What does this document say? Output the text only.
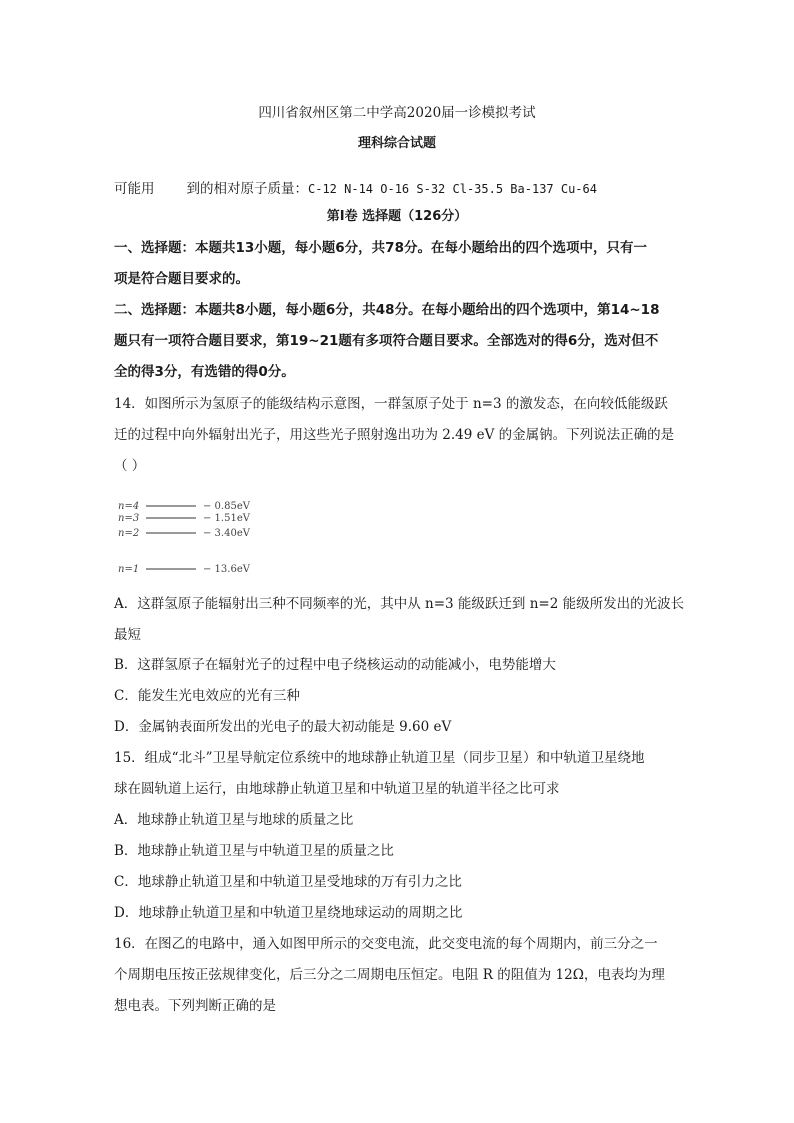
四川省叙州区第二中学高2020届一诊模拟考试
理科综合试题
可能用 到的相对原子质量：C-12 N-14 O-16 S-32 Cl-35.5 Ba-137 Cu-64
第Ⅰ卷 选择题（126分）
一、选择题：本题共13小题，每小题6分，共78分。在每小题给出的四个选项中，只有一
项是符合题目要求的。
二、选择题：本题共8小题，每小题6分，共48分。在每小题给出的四个选项中，第14~18
题只有一项符合题目要求，第19~21题有多项符合题目要求。全部选对的得6分，选对但不
全的得3分，有选错的得0分。
14．如图所示为氢原子的能级结构示意图，一群氢原子处于 n=3 的激发态，在向较低能级跃
迁的过程中向外辐射出光子，用这些光子照射逸出功为 2.49 eV 的金属钠。下列说法正确的是
（ ）
n=4	− 0.85eV
n=3	− 1.51eV
n=2	− 3.40eV
n=1	− 13.6eV
A．这群氢原子能辐射出三种不同频率的光，其中从 n=3 能级跃迁到 n=2 能级所发出的光波长
最短
B．这群氢原子在辐射光子的过程中电子绕核运动的动能减小，电势能增大
C．能发生光电效应的光有三种
D．金属钠表面所发出的光电子的最大初动能是 9.60 eV
15．组成“北斗”卫星导航定位系统中的地球静止轨道卫星（同步卫星）和中轨道卫星绕地
球在圆轨道上运行，由地球静止轨道卫星和中轨道卫星的轨道半径之比可求
A．地球静止轨道卫星与地球的质量之比
B．地球静止轨道卫星与中轨道卫星的质量之比
C．地球静止轨道卫星和中轨道卫星受地球的万有引力之比
D．地球静止轨道卫星和中轨道卫星绕地球运动的周期之比
16．在图乙的电路中，通入如图甲所示的交变电流，此交变电流的每个周期内，前三分之一
个周期电压按正弦规律变化，后三分之二周期电压恒定。电阻 R 的阻值为 12Ω，电表均为理
想电表。下列判断正确的是
